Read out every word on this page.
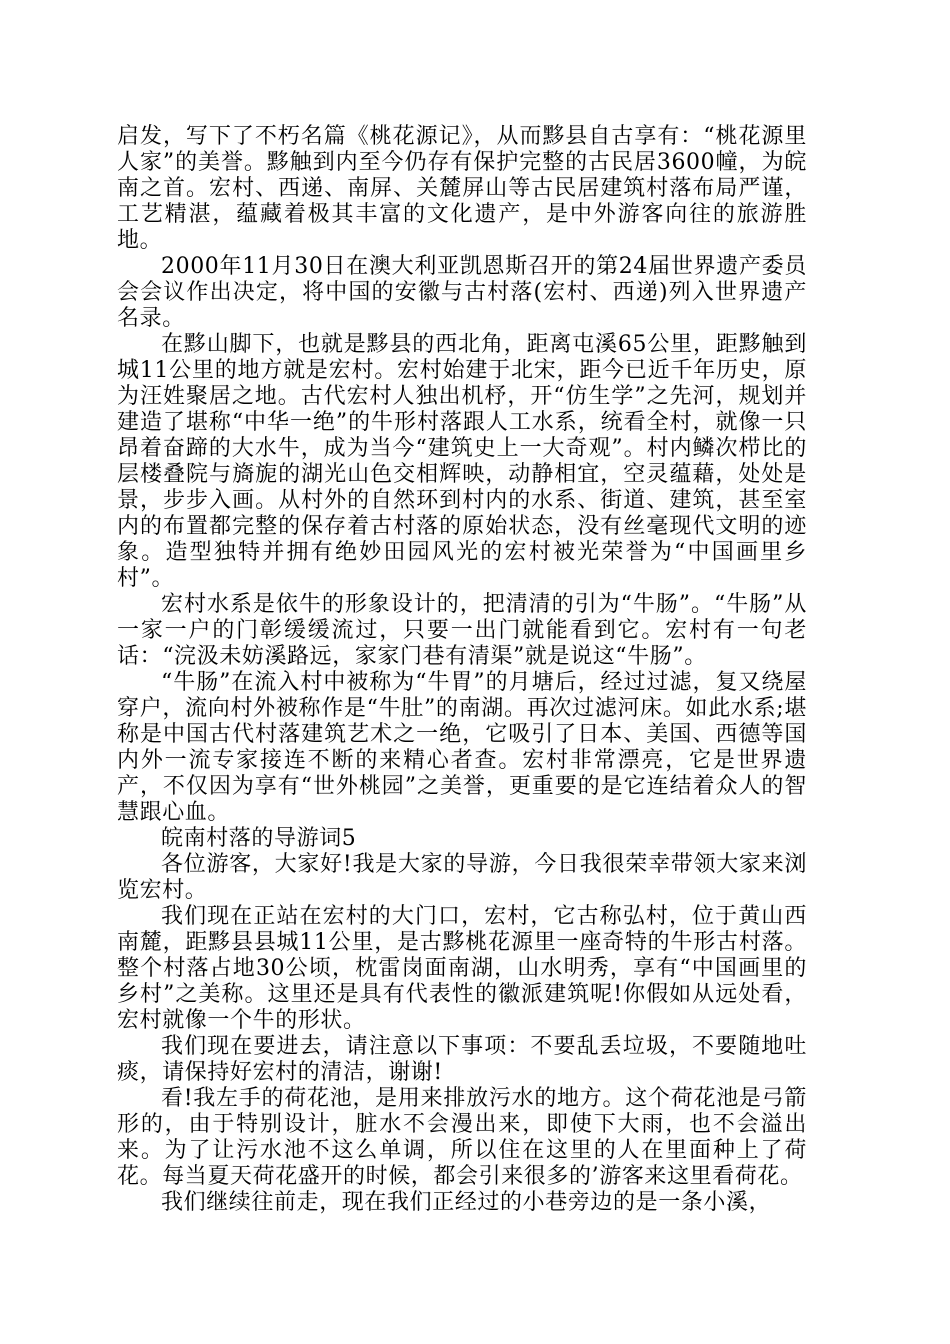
启发，写下了不朽名篇《桃花源记》，从而黟县自古享有：“桃花源里人家”的美誉。黟触到内至今仍存有保护完整的古民居3600幢，为皖南之首。宏村、西递、南屏、关麓屏山等古民居建筑村落布局严谨，工艺精湛，蕴藏着极其丰富的文化遗产，是中外游客向往的旅游胜地。

2000年11月30日在澳大利亚凯恩斯召开的第24届世界遗产委员会会议作出决定，将中国的安徽与古村落(宏村、西递)列入世界遗产名录。

在黟山脚下，也就是黟县的西北角，距离屯溪65公里，距黟触到城11公里的地方就是宏村。宏村始建于北宋，距今已近千年历史，原为汪姓聚居之地。古代宏村人独出机杼，开“仿生学”之先河，规划并建造了堪称“中华一绝”的牛形村落跟人工水系，统看全村，就像一只昂着奋蹄的大水牛，成为当今“建筑史上一大奇观”。村内鳞次栉比的层楼叠院与旖旎的湖光山色交相辉映，动静相宜，空灵蕴藉，处处是景，步步入画。从村外的自然环到村内的水系、街道、建筑，甚至室内的布置都完整的保存着古村落的原始状态，没有丝毫现代文明的迹象。造型独特并拥有绝妙田园风光的宏村被光荣誉为“中国画里乡村”。

宏村水系是依牛的形象设计的，把清清的引为“牛肠”。“牛肠”从一家一户的门彰缓缓流过，只要一出门就能看到它。宏村有一句老话：“浣汲未妨溪路远，家家门巷有清渠”就是说这“牛肠”。

“牛肠”在流入村中被称为“牛胃”的月塘后，经过过滤，复又绕屋穿户，流向村外被称作是“牛肚”的南湖。再次过滤河床。如此水系;堪称是中国古代村落建筑艺术之一绝，它吸引了日本、美国、西德等国内外一流专家接连不断的来精心者查。宏村非常漂亮，它是世界遗产，不仅因为享有“世外桃园”之美誉，更重要的是它连结着众人的智慧跟心血。

皖南村落的导游词5

各位游客，大家好!我是大家的导游，今日我很荣幸带领大家来浏览宏村。

我们现在正站在宏村的大门口，宏村，它古称弘村，位于黄山西南麓，距黟县县城11公里，是古黟桃花源里一座奇特的牛形古村落。整个村落占地30公顷，枕雷岗面南湖，山水明秀，享有“中国画里的乡村”之美称。这里还是具有代表性的徽派建筑呢!你假如从远处看，宏村就像一个牛的形状。

我们现在要进去，请注意以下事项：不要乱丢垃圾，不要随地吐痰，请保持好宏村的清洁，谢谢!

看!我左手的荷花池，是用来排放污水的地方。这个荷花池是弓箭形的，由于特别设计，脏水不会漫出来，即使下大雨，也不会溢出来。为了让污水池不这么单调，所以住在这里的人在里面种上了荷花。每当夏天荷花盛开的时候，都会引来很多的’游客来这里看荷花。

我们继续往前走，现在我们正经过的小巷旁边的是一条小溪，
